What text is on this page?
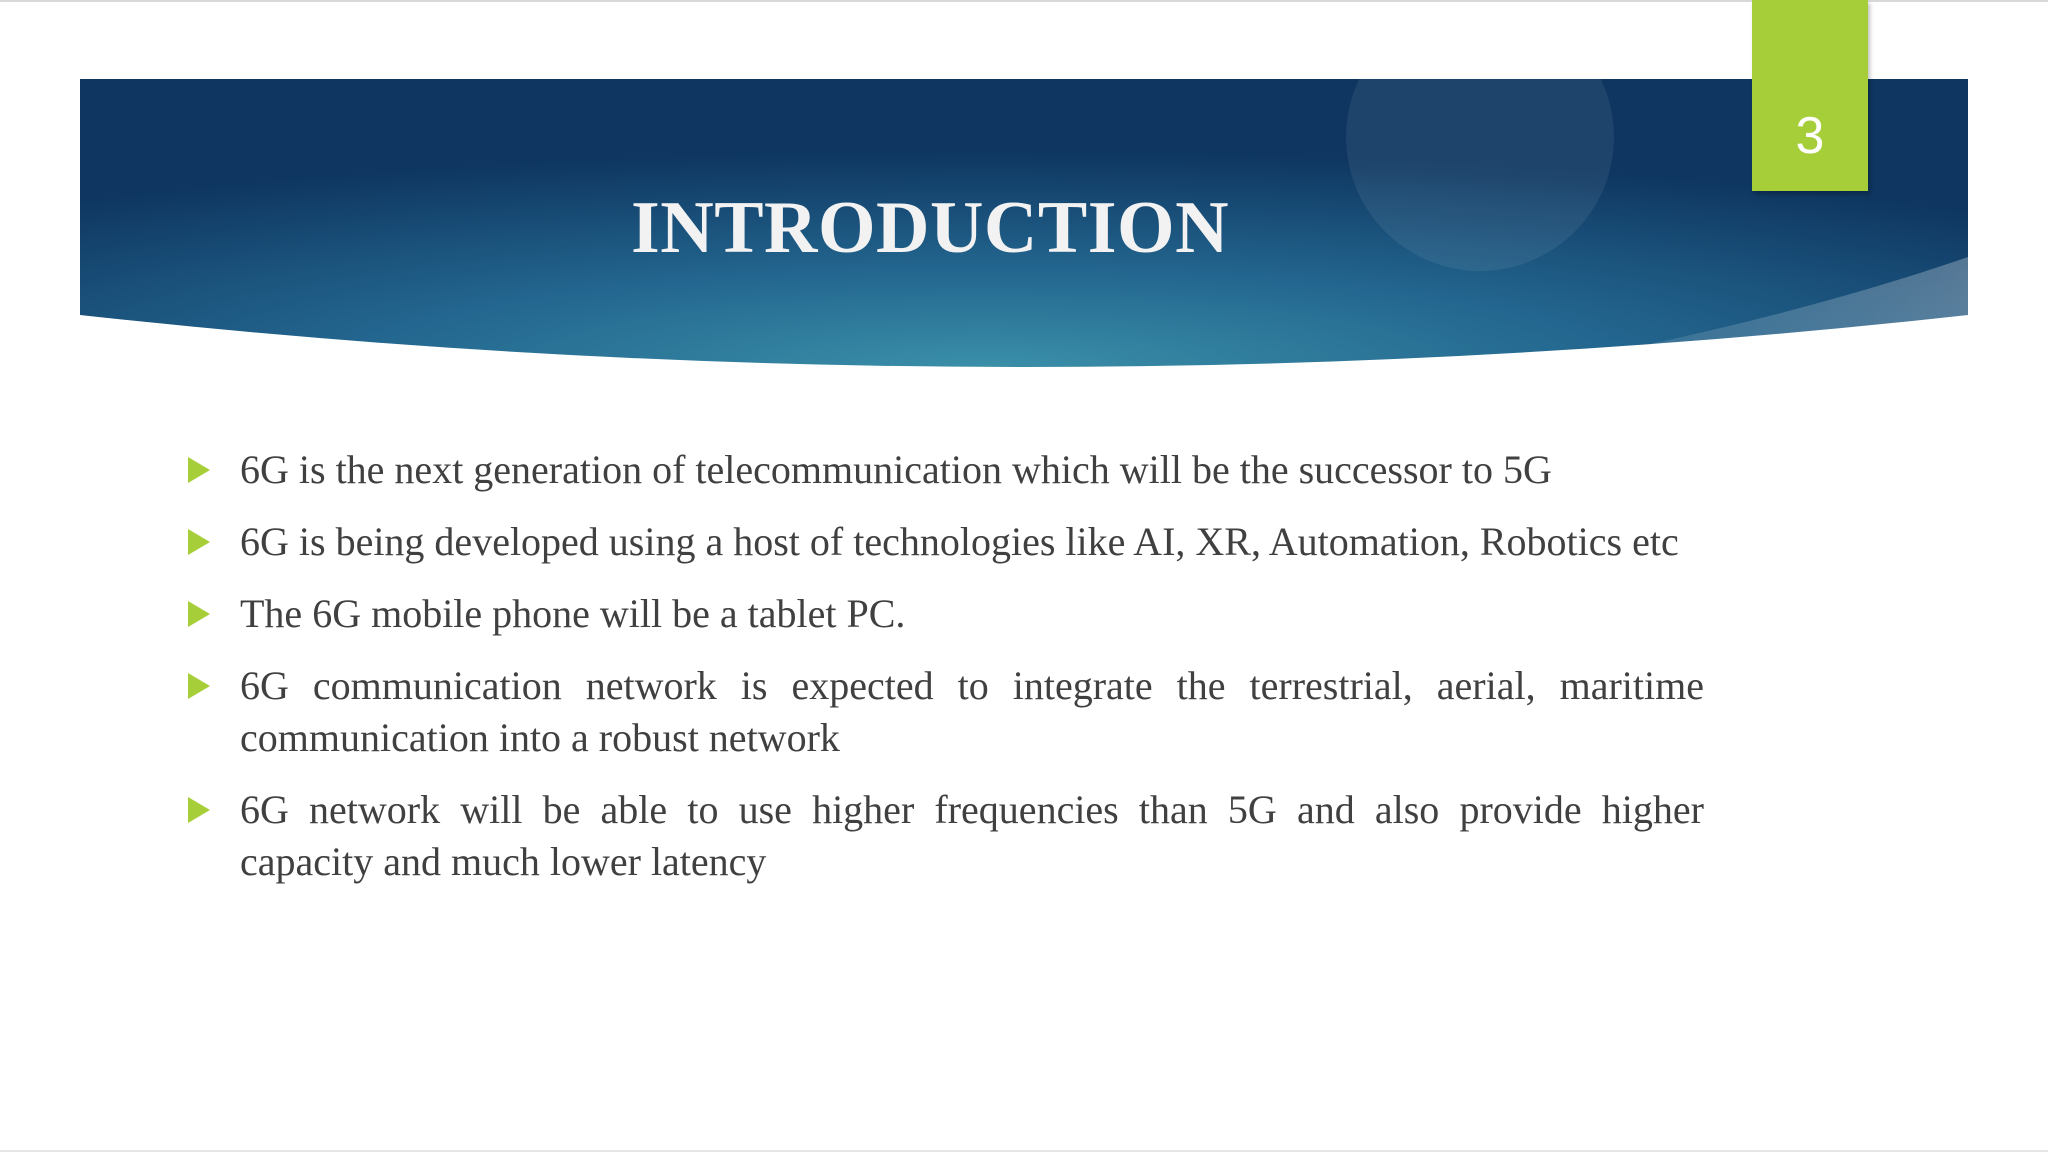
INTRODUCTION
3
6G is the next generation of telecommunication which will be the successor to 5G
6G is being developed using a host of technologies like AI, XR, Automation, Robotics etc
The 6G mobile phone will be a tablet PC.
6G communication network is expected to integrate the terrestrial, aerial, maritime communication into a robust network
6G network will be able to use higher frequencies than 5G and also provide higher capacity and much lower latency
